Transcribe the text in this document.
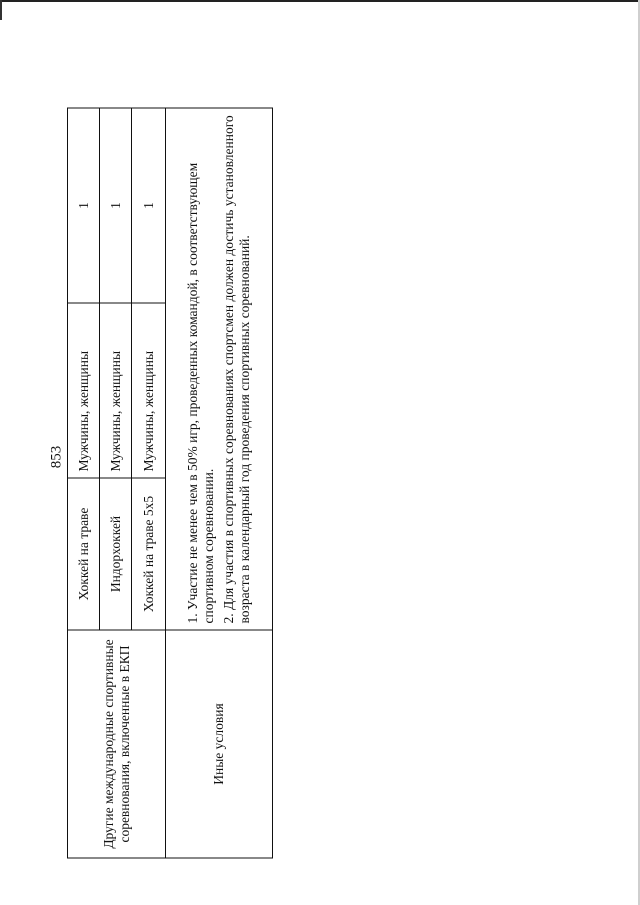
853
Другие международные спортивные соревнования, включенные в ЕКП	Хоккей на траве	Мужчины, женщины	1
	Индорхоккей	Мужчины, женщины	1
	Хоккей на траве 5х5	Мужчины, женщины	1
Иные условия	1. Участие не менее чем в 50% игр, проведенных командой, в соответствующем спортивном соревновании. 2. Для участия в спортивных соревнованиях спортсмен должен достичь установленного возраста в календарный год проведения спортивных соревнований.		
